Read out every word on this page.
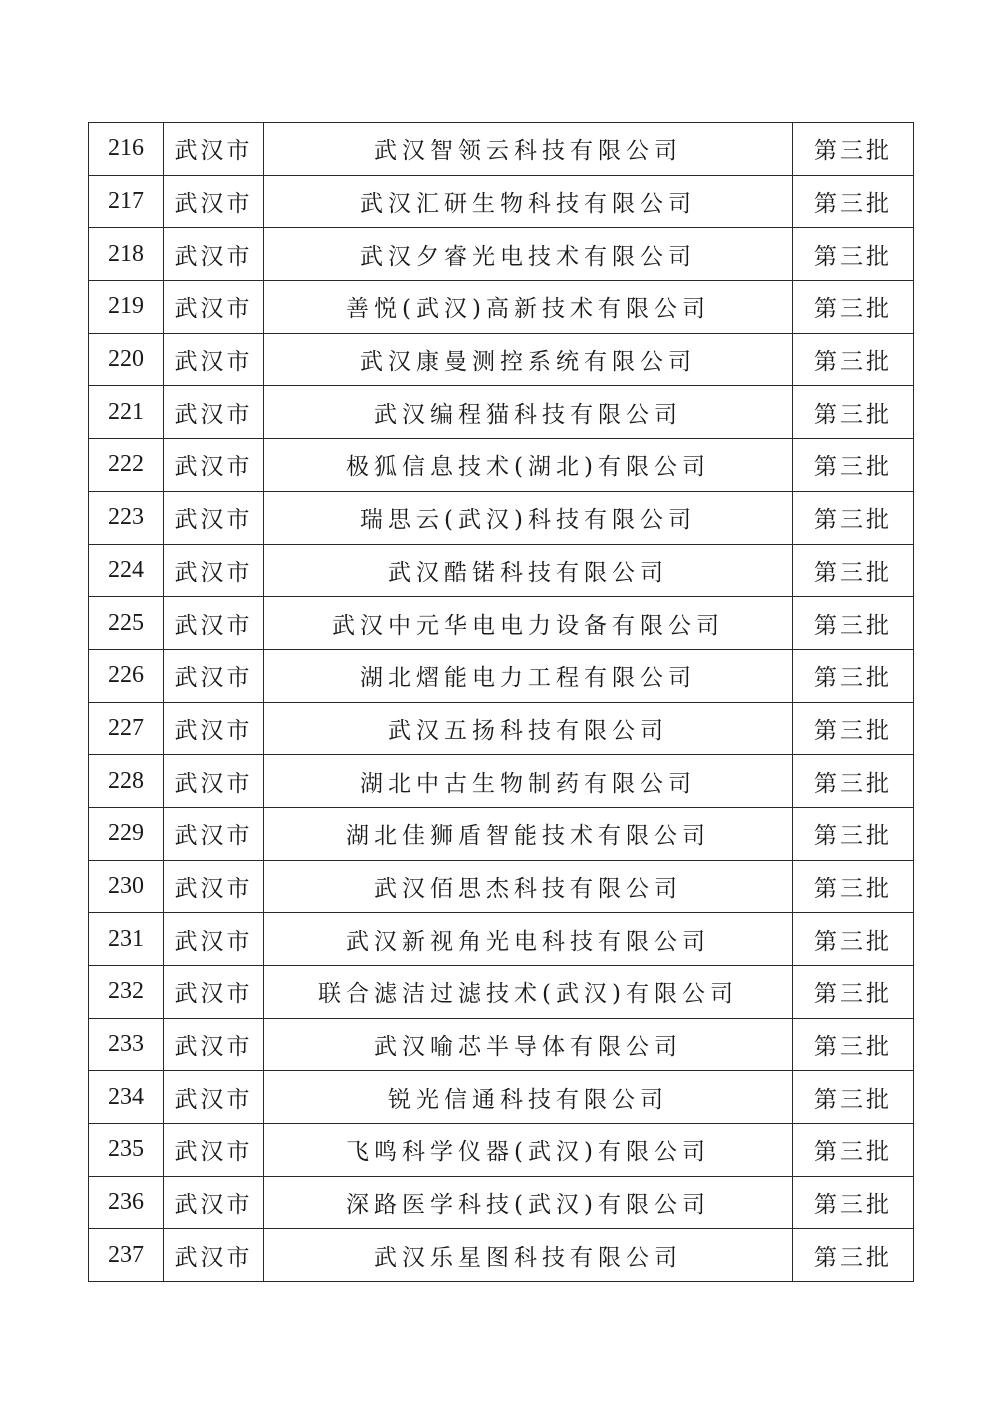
216	武汉市	武汉智领云科技有限公司	第三批
217	武汉市	武汉汇研生物科技有限公司	第三批
218	武汉市	武汉夕睿光电技术有限公司	第三批
219	武汉市	善悦(武汉)高新技术有限公司	第三批
220	武汉市	武汉康曼测控系统有限公司	第三批
221	武汉市	武汉编程猫科技有限公司	第三批
222	武汉市	极狐信息技术(湖北)有限公司	第三批
223	武汉市	瑞思云(武汉)科技有限公司	第三批
224	武汉市	武汉酷锘科技有限公司	第三批
225	武汉市	武汉中元华电电力设备有限公司	第三批
226	武汉市	湖北熠能电力工程有限公司	第三批
227	武汉市	武汉五扬科技有限公司	第三批
228	武汉市	湖北中古生物制药有限公司	第三批
229	武汉市	湖北佳狮盾智能技术有限公司	第三批
230	武汉市	武汉佰思杰科技有限公司	第三批
231	武汉市	武汉新视角光电科技有限公司	第三批
232	武汉市	联合滤洁过滤技术(武汉)有限公司	第三批
233	武汉市	武汉喻芯半导体有限公司	第三批
234	武汉市	锐光信通科技有限公司	第三批
235	武汉市	飞鸣科学仪器(武汉)有限公司	第三批
236	武汉市	深路医学科技(武汉)有限公司	第三批
237	武汉市	武汉乐星图科技有限公司	第三批
